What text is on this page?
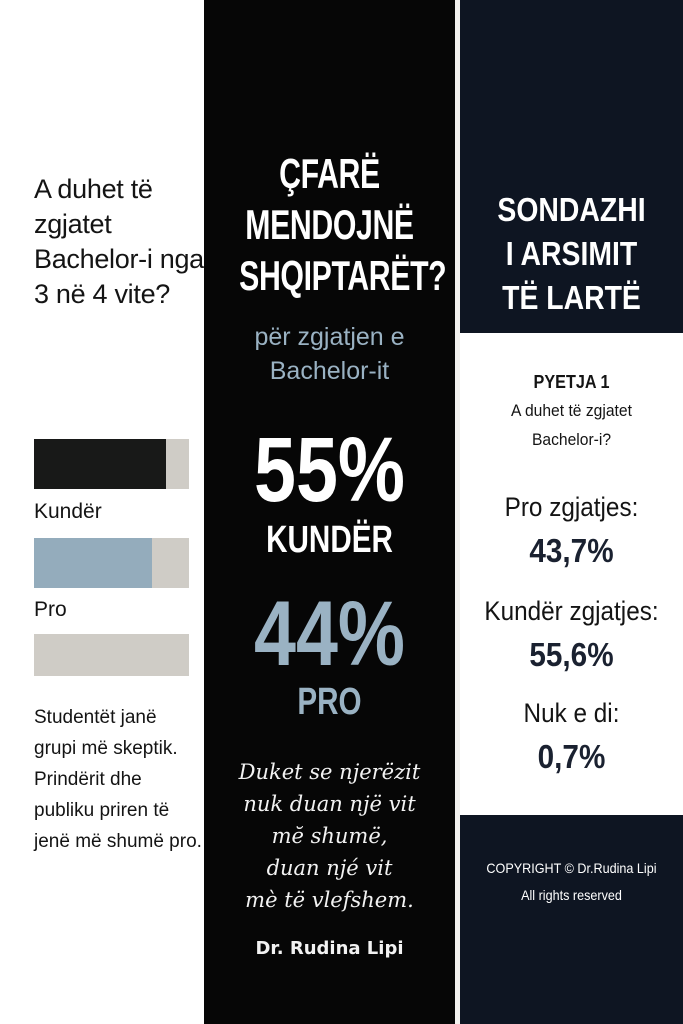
A duhet të zgjatet Bachelor-i nga 3 në 4 vite?
Kundër
Pro
Studentët janë grupi më skeptik. Prindërit dhe publiku priren të jenë më shumë pro.
ÇFARË
MENDOJNË
SHQIPTARËT?
për zgjatjen e
Bachelor-it
55%
KUNDËR
44%
PRO
Duket se njerëzit
nuk duan një vit
mĕ shumë,
duan njé vit
mè të vlefshem.
Dr. Rudina Lipi
SONDAZHI
I ARSIMIT
TË LARTË
PYETJA 1
A duhet të zgjatet
Bachelor-i?
Pro zgjatjes:
43,7%
Kundër zgjatjes:
55,6%
Nuk e di:
0,7%
COPYRIGHT © Dr.Rudina Lipi
All rights reserved
